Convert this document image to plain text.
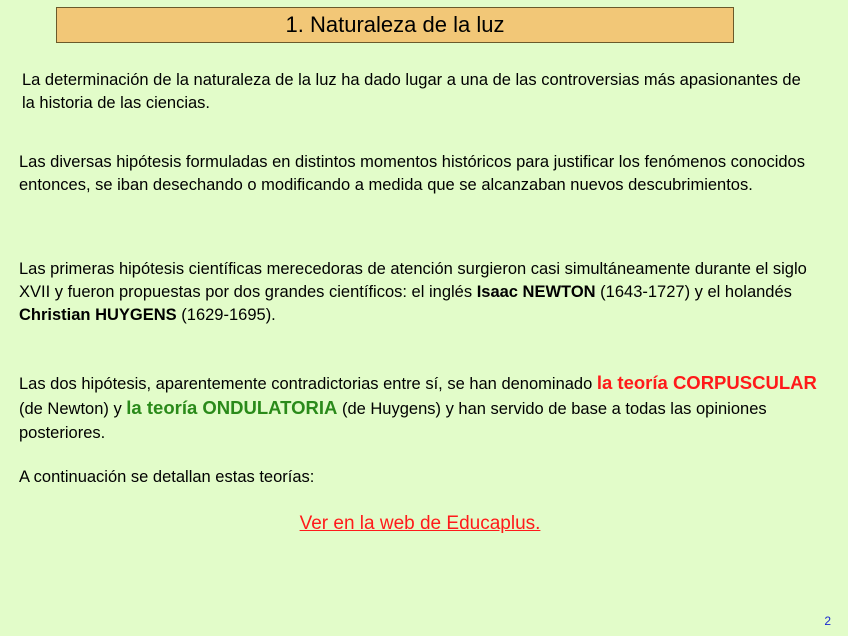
1. Naturaleza de la luz

La determinación de la naturaleza de la luz ha dado lugar a una de las controversias más apasionantes de la historia de las ciencias.

Las diversas hipótesis formuladas en distintos momentos históricos para justificar los fenómenos conocidos entonces, se iban desechando o modificando a medida que se alcanzaban nuevos descubrimientos.

Las primeras hipótesis científicas merecedoras de atención surgieron casi simultáneamente durante el siglo XVII y fueron propuestas por dos grandes científicos: el inglés Isaac NEWTON (1643-1727) y el holandés Christian HUYGENS (1629-1695).

Las dos hipótesis, aparentemente contradictorias entre sí, se han denominado la teoría CORPUSCULAR (de Newton) y la teoría ONDULATORIA (de Huygens) y han servido de base a todas las opiniones posteriores.

A continuación se detallan estas teorías:

Ver en la web de Educaplus.
2
